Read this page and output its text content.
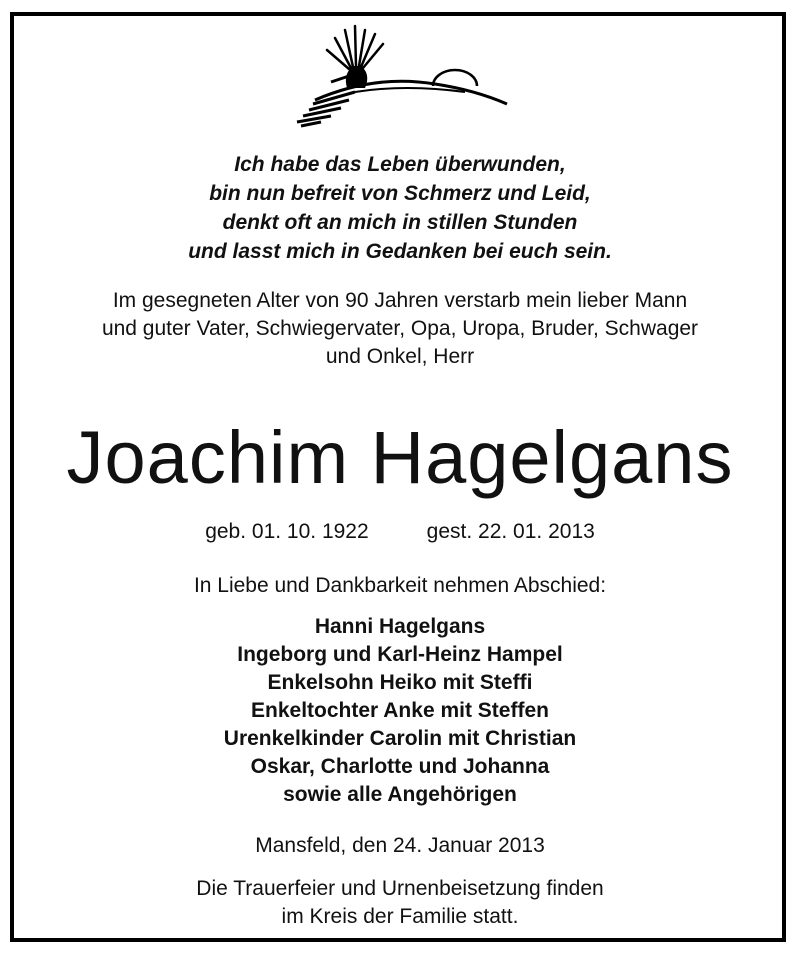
Ich habe das Leben überwunden,
bin nun befreit von Schmerz und Leid,
denkt oft an mich in stillen Stunden
und lasst mich in Gedanken bei euch sein.
Im gesegneten Alter von 90 Jahren verstarb mein lieber Mann
und guter Vater, Schwiegervater, Opa, Uropa, Bruder, Schwager
und Onkel, Herr
Joachim Hagelgans
geb. 01. 10. 1922	gest. 22. 01. 2013
In Liebe und Dankbarkeit nehmen Abschied:
Hanni Hagelgans
Ingeborg und Karl-Heinz Hampel
Enkelsohn Heiko mit Steffi
Enkeltochter Anke mit Steffen
Urenkelkinder Carolin mit Christian
Oskar, Charlotte und Johanna
sowie alle Angehörigen
Mansfeld, den 24. Januar 2013
Die Trauerfeier und Urnenbeisetzung finden
im Kreis der Familie statt.
